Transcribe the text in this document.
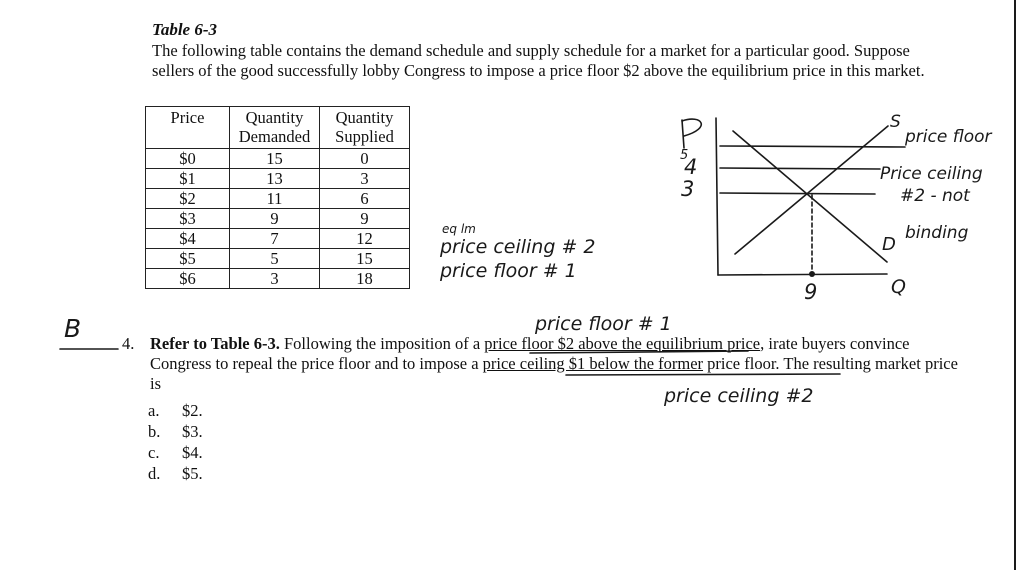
Table 6-3
The following table contains the demand schedule and supply schedule for a market for a particular good. Suppose sellers of the good successfully lobby Congress to impose a price floor $2 above the equilibrium price in this market.
Price	Quantity Demanded	Quantity Supplied
$0	15	0
$1	13	3
$2	11	6
$3	9	9
$4	7	12
$5	5	15
$6	3	18
eq lm
price ceiling # 2
price floor # 1
5
4
3
S
price floor
Price ceiling
#2 - not
binding
D
Q
9
B	price floor # 1
4. Refer to Table 6-3. Following the imposition of a price floor $2 above the equilibrium price, irate buyers convince Congress to repeal the price floor and to impose a price ceiling $1 below the former price floor. The resulting market price is
price ceiling #2
a.	$2.
b.	$3.
c.	$4.
d.	$5.
